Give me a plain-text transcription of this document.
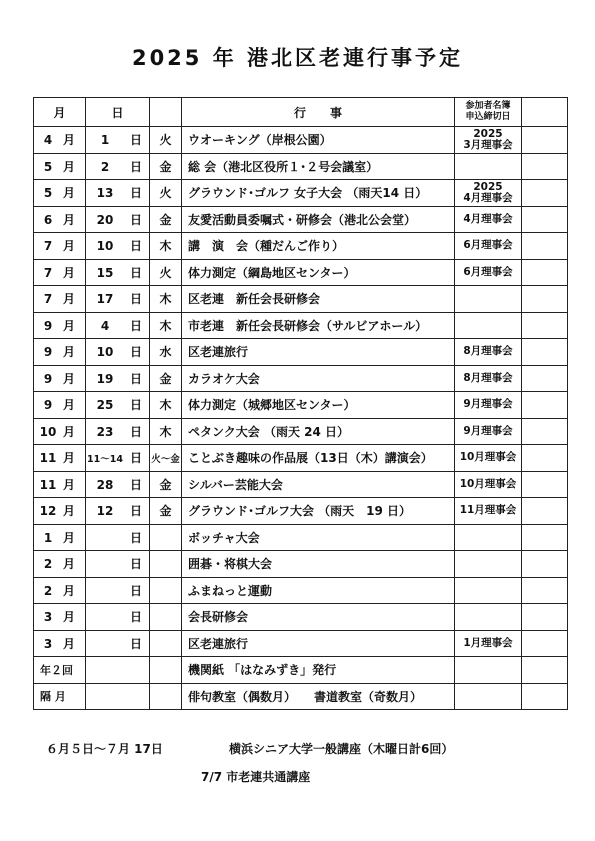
2025 年 港北区老連行事予定
月	日		行　　事	参加者名簿
申込締切日	

4 月	1 日	火	ウオーキング（岸根公園）	2025
3月理事会	
5 月	2 日	金	総 会（港北区役所１･２号会議室）		
5 月	13 日	火	グラウンド･ゴルフ 女子大会 （雨天14 日）	2025
4月理事会	
6 月	20 日	金	友愛活動員委嘱式・研修会（港北公会堂）	4月理事会	
7 月	10 日	木	講　演　会（種だんご作り）	6月理事会	
7 月	15 日	火	体力測定（綱島地区センター）	6月理事会	
7 月	17 日	木	区老連　新任会長研修会		
9 月	4 日	木	市老連　新任会長研修会（サルビアホール）		
9 月	10 日	水	区老連旅行	8月理事会	
9 月	19 日	金	カラオケ大会	8月理事会	
9 月	25 日	木	体力測定（城郷地区センター）	9月理事会	
10 月	23 日	木	ペタンク大会 （雨天 24 日）	9月理事会	
11 月	11～14 日	火～金	ことぶき趣味の作品展（13日（木）講演会）	10月理事会	
11 月	28 日	金	シルバー芸能大会	10月理事会	
12 月	12 日	金	グラウンド･ゴルフ大会 （雨天　19 日）	11月理事会	
1 月	日		ボッチャ大会		
2 月	日		囲碁・将棋大会		
2 月	日		ふまねっと運動		
3 月	日		会長研修会		
3 月	日		区老連旅行	1月理事会	
年２回			機関紙 「はなみずき」発行		
隔 月			俳句教室（偶数月）　　書道教室（奇数月）		
６月５日～７月 17日	横浜シニア大学一般講座（木曜日計6回）
7/7 市老連共通講座
